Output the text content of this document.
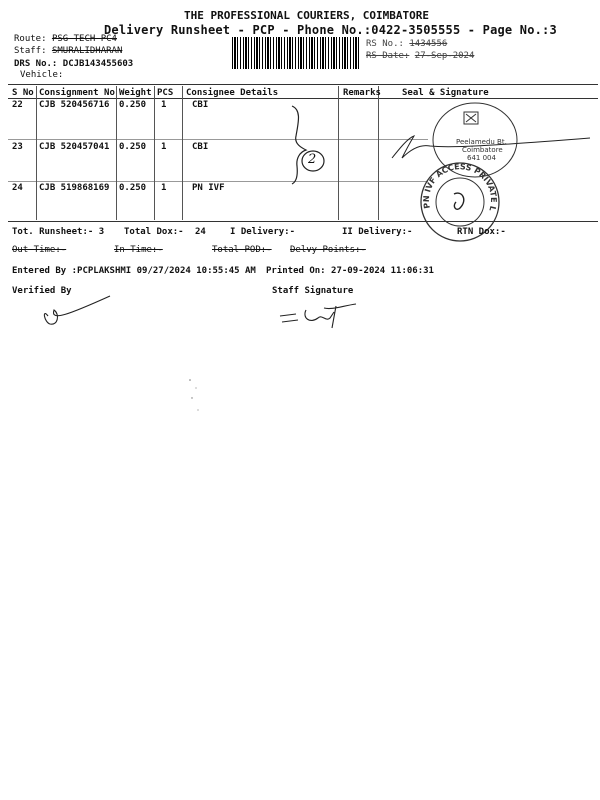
THE PROFESSIONAL COURIERS, COIMBATORE
Delivery Runsheet - PCP - Phone No.:0422-3505555 - Page No.:3
Route: PSG TECH PC4
Staff: SMURALIDHARAN
DRS No.: DCJB143455603
Vehicle:
RS No.: 1434556
RS Date: 27-Sep-2024
S No Consignment No Weight PCS Consignee Details	Remarks Seal & Signature
22 CJB 520456716 0.250 1	CBI
23 CJB 520457041 0.250 1	CBI
24 CJB 519868169 0.250 1	PN IVF
2
Peelamedu Bt.
Coimbatore
641 004
PN IVF ACCESS PRIVATE LIMITED
Tot. Runsheet:- 3 Total Dox:- 24	I Delivery:-	II Delivery:-	RTN Dox:-
Out Time:-	In Time:-	Total POD:- Delvy Points:-
Entered By :PCPLAKSHMI 09/27/2024 10:55:45 AM Printed On: 27-09-2024 11:06:31
Verified By	Staff Signature
